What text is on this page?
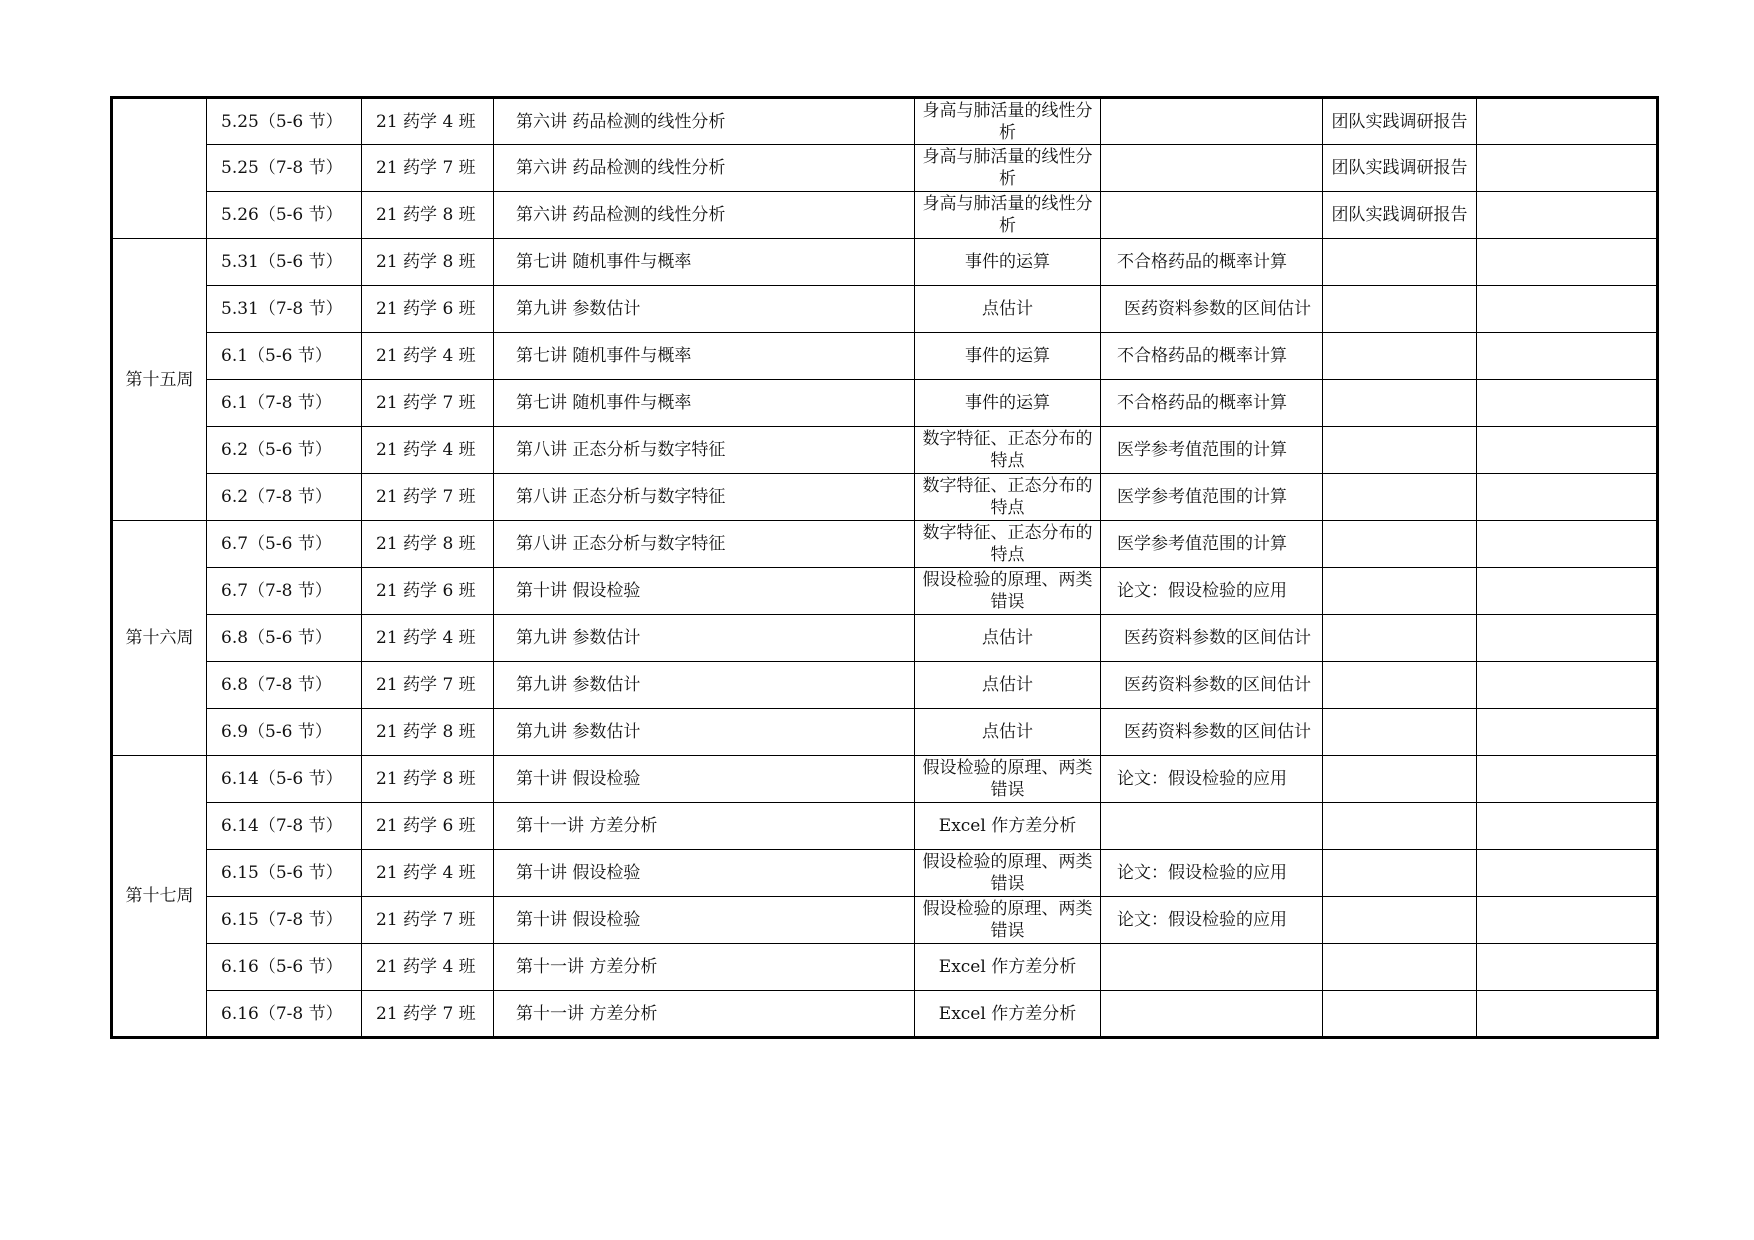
	5.25（5-6 节）	21 药学 4 班	第六讲 药品检测的线性分析	身高与肺活量的线性分析		团队实践调研报告	
	5.25（7-8 节）	21 药学 7 班	第六讲 药品检测的线性分析	身高与肺活量的线性分析		团队实践调研报告	
	5.26（5-6 节）	21 药学 8 班	第六讲 药品检测的线性分析	身高与肺活量的线性分析		团队实践调研报告	
第十五周	5.31（5-6 节）	21 药学 8 班	第七讲 随机事件与概率	事件的运算	不合格药品的概率计算		
	5.31（7-8 节）	21 药学 6 班	第九讲 参数估计	点估计	医药资料参数的区间估计		
	6.1（5-6 节）	21 药学 4 班	第七讲 随机事件与概率	事件的运算	不合格药品的概率计算		
	6.1（7-8 节）	21 药学 7 班	第七讲 随机事件与概率	事件的运算	不合格药品的概率计算		
	6.2（5-6 节）	21 药学 4 班	第八讲 正态分析与数字特征	数字特征、正态分布的特点	医学参考值范围的计算		
	6.2（7-8 节）	21 药学 7 班	第八讲 正态分析与数字特征	数字特征、正态分布的特点	医学参考值范围的计算		
第十六周	6.7（5-6 节）	21 药学 8 班	第八讲 正态分析与数字特征	数字特征、正态分布的特点	医学参考值范围的计算		
	6.7（7-8 节）	21 药学 6 班	第十讲 假设检验	假设检验的原理、两类错误	论文：假设检验的应用		
	6.8（5-6 节）	21 药学 4 班	第九讲 参数估计	点估计	医药资料参数的区间估计		
	6.8（7-8 节）	21 药学 7 班	第九讲 参数估计	点估计	医药资料参数的区间估计		
	6.9（5-6 节）	21 药学 8 班	第九讲 参数估计	点估计	医药资料参数的区间估计		
第十七周	6.14（5-6 节）	21 药学 8 班	第十讲 假设检验	假设检验的原理、两类错误	论文：假设检验的应用		
	6.14（7-8 节）	21 药学 6 班	第十一讲 方差分析	Excel 作方差分析			
	6.15（5-6 节）	21 药学 4 班	第十讲 假设检验	假设检验的原理、两类错误	论文：假设检验的应用		
	6.15（7-8 节）	21 药学 7 班	第十讲 假设检验	假设检验的原理、两类错误	论文：假设检验的应用		
	6.16（5-6 节）	21 药学 4 班	第十一讲 方差分析	Excel 作方差分析			
	6.16（7-8 节）	21 药学 7 班	第十一讲 方差分析	Excel 作方差分析			
